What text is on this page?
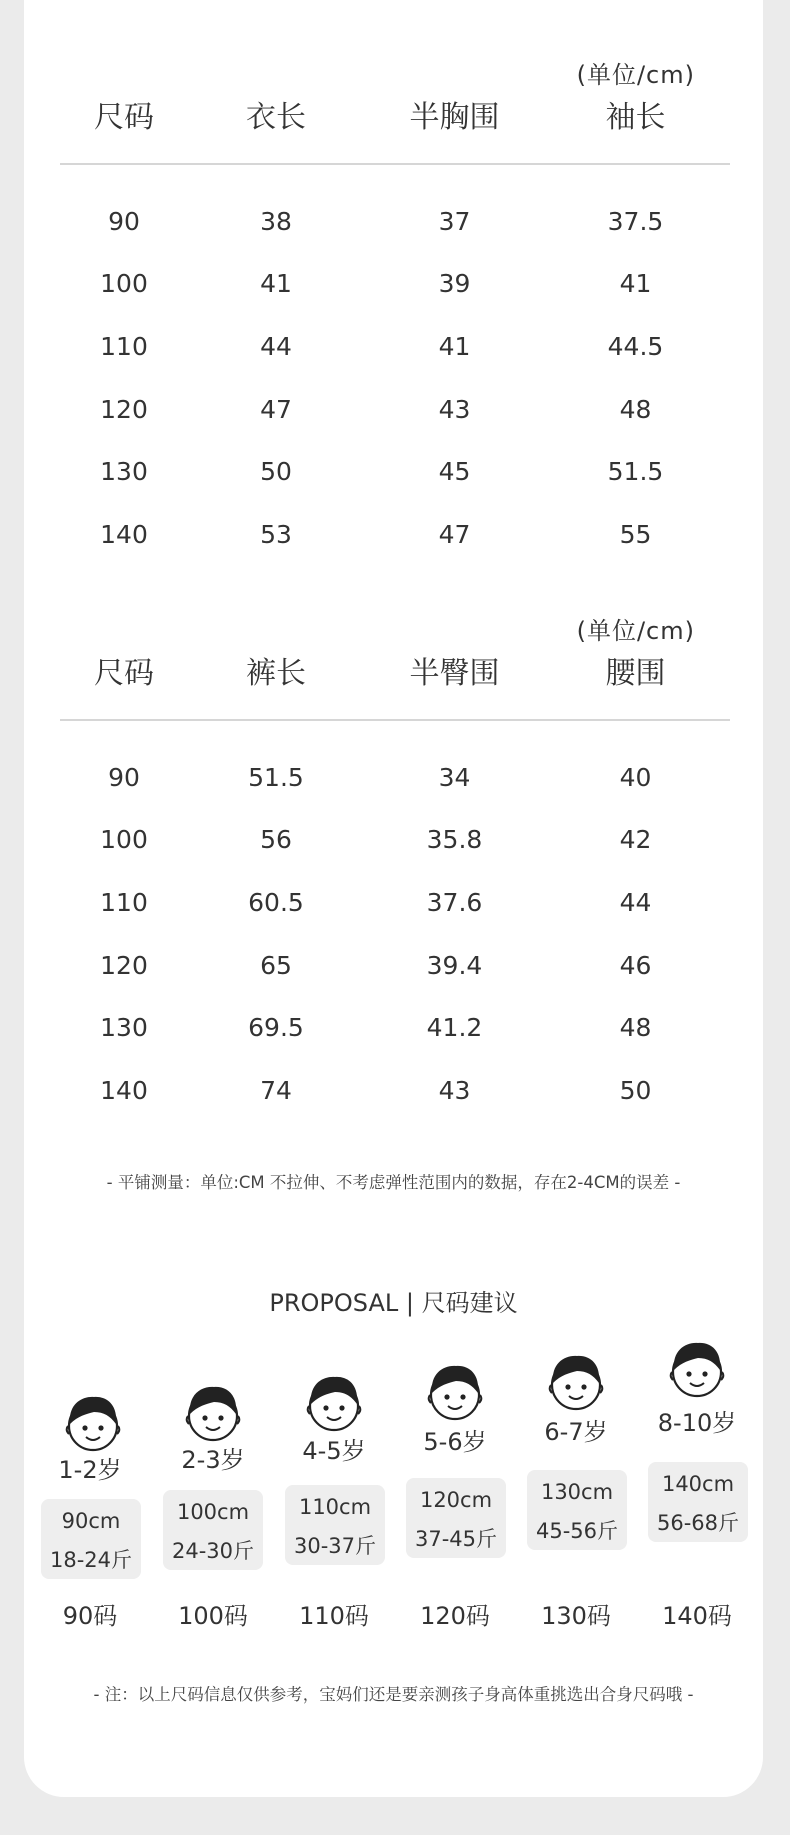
(单位/cm)
尺码	衣长	半胸围	袖长
90	38	37	37.5
100	41	39	41
110	44	41	44.5
120	47	43	48
130	50	45	51.5
140	53	47	55
(单位/cm)
尺码	裤长	半臀围	腰围
90	51.5	34	40
100	56	35.8	42
110	60.5	37.6	44
120	65	39.4	46
130	69.5	41.2	48
140	74	43	50
- 平铺测量：单位:CM 不拉伸、不考虑弹性范围内的数据，存在2-4CM的误差 -
PROPOSAL | 尺码建议
1-2岁
90cm
18-24斤
90码
2-3岁
100cm
24-30斤
100码
4-5岁
110cm
30-37斤
110码
5-6岁
120cm
37-45斤
120码
6-7岁
130cm
45-56斤
130码
8-10岁
140cm
56-68斤
140码
- 注：以上尺码信息仅供参考，宝妈们还是要亲测孩子身高体重挑选出合身尺码哦 -
